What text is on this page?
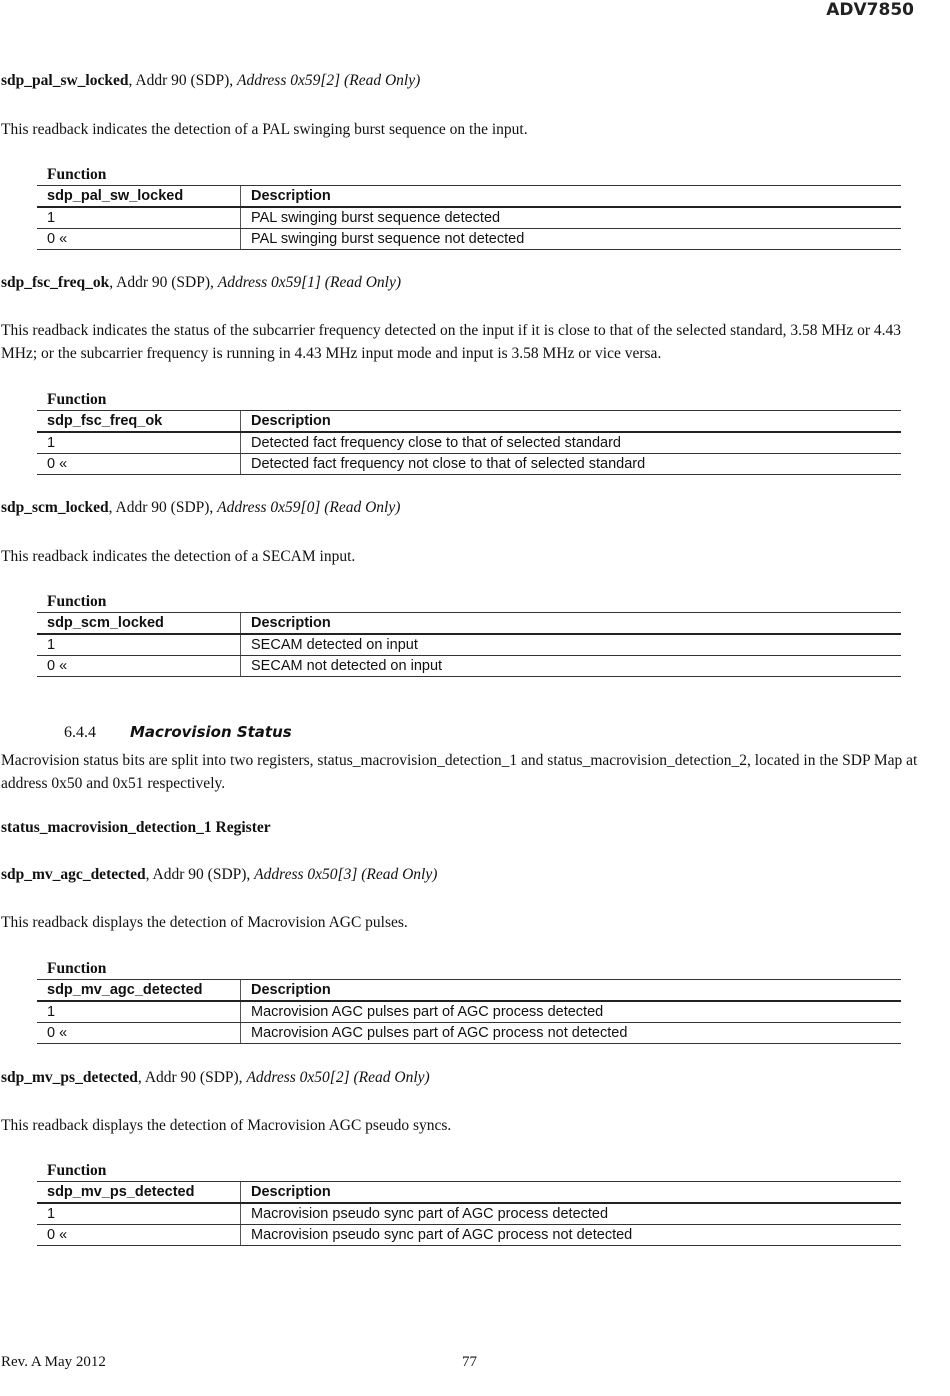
ADV7850
sdp_pal_sw_locked, Addr 90 (SDP), Address 0x59[2] (Read Only)
This readback indicates the detection of a PAL swinging burst sequence on the input.
Function
sdp_pal_sw_locked	Description
1	PAL swinging burst sequence detected
0 «	PAL swinging burst sequence not detected
sdp_fsc_freq_ok, Addr 90 (SDP), Address 0x59[1] (Read Only)
This readback indicates the status of the subcarrier frequency detected on the input if it is close to that of the selected standard, 3.58 MHz or 4.43 MHz; or the subcarrier frequency is running in 4.43 MHz input mode and input is 3.58 MHz or vice versa.
Function
sdp_fsc_freq_ok	Description
1	Detected fact frequency close to that of selected standard
0 «	Detected fact frequency not close to that of selected standard
sdp_scm_locked, Addr 90 (SDP), Address 0x59[0] (Read Only)
This readback indicates the detection of a SECAM input.
Function
sdp_scm_locked	Description
1	SECAM detected on input
0 «	SECAM not detected on input
6.4.4 Macrovision Status
Macrovision status bits are split into two registers, status_macrovision_detection_1 and status_macrovision_detection_2, located in the SDP Map at address 0x50 and 0x51 respectively.
status_macrovision_detection_1 Register
sdp_mv_agc_detected, Addr 90 (SDP), Address 0x50[3] (Read Only)
This readback displays the detection of Macrovision AGC pulses.
Function
sdp_mv_agc_detected	Description
1	Macrovision AGC pulses part of AGC process detected
0 «	Macrovision AGC pulses part of AGC process not detected
sdp_mv_ps_detected, Addr 90 (SDP), Address 0x50[2] (Read Only)
This readback displays the detection of Macrovision AGC pseudo syncs.
Function
sdp_mv_ps_detected	Description
1	Macrovision pseudo sync part of AGC process detected
0 «	Macrovision pseudo sync part of AGC process not detected
Rev. A May 2012	77
